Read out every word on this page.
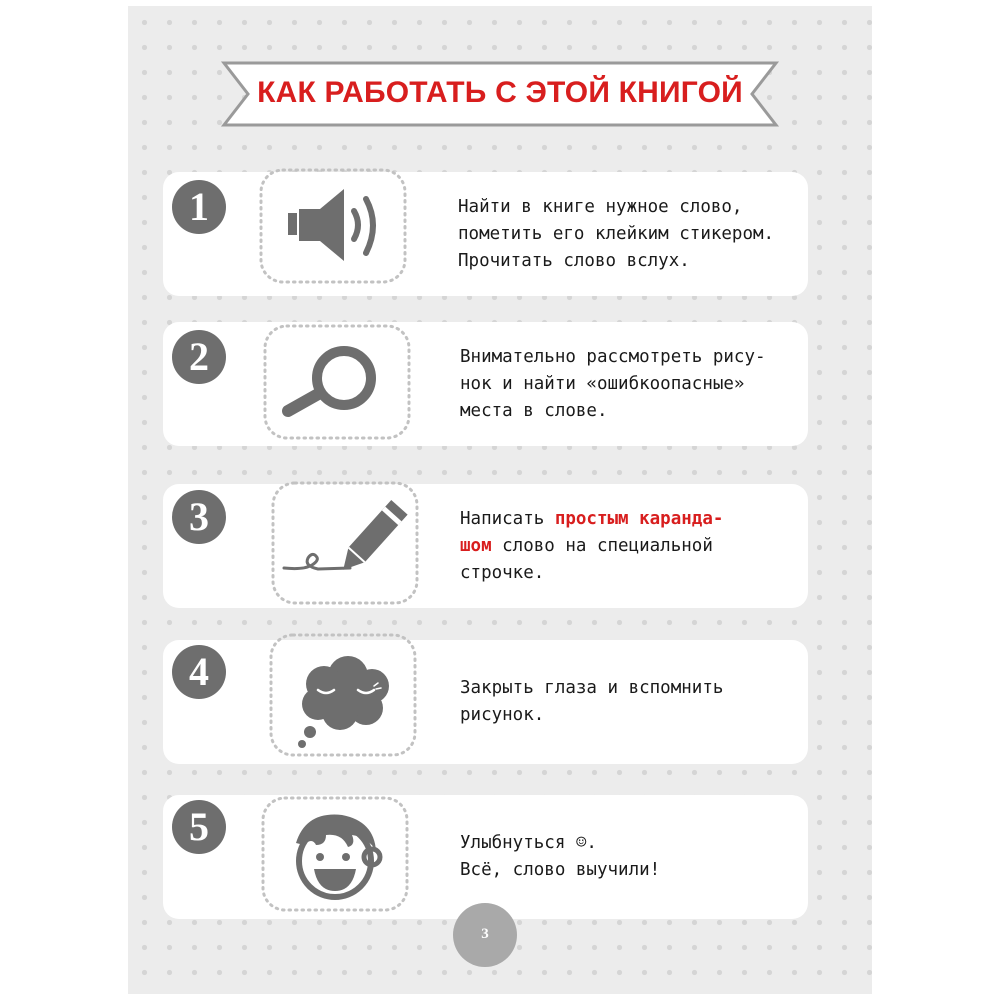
КАК РАБОТАТЬ С ЭТОЙ КНИГОЙ
Найти в книге нужное слово,
пометить его клейким стикером.
Прочитать слово вслух.
1
Внимательно рассмотреть рису-
нок и найти «ошибкоопасные»
места в слове.
2
Написать простым каранда-
шом слово на специальной
строчке.
3
Закрыть глаза и вспомнить
рисунок.
4
Улыбнуться ☺.
Всё, слово выучили!
5
3
